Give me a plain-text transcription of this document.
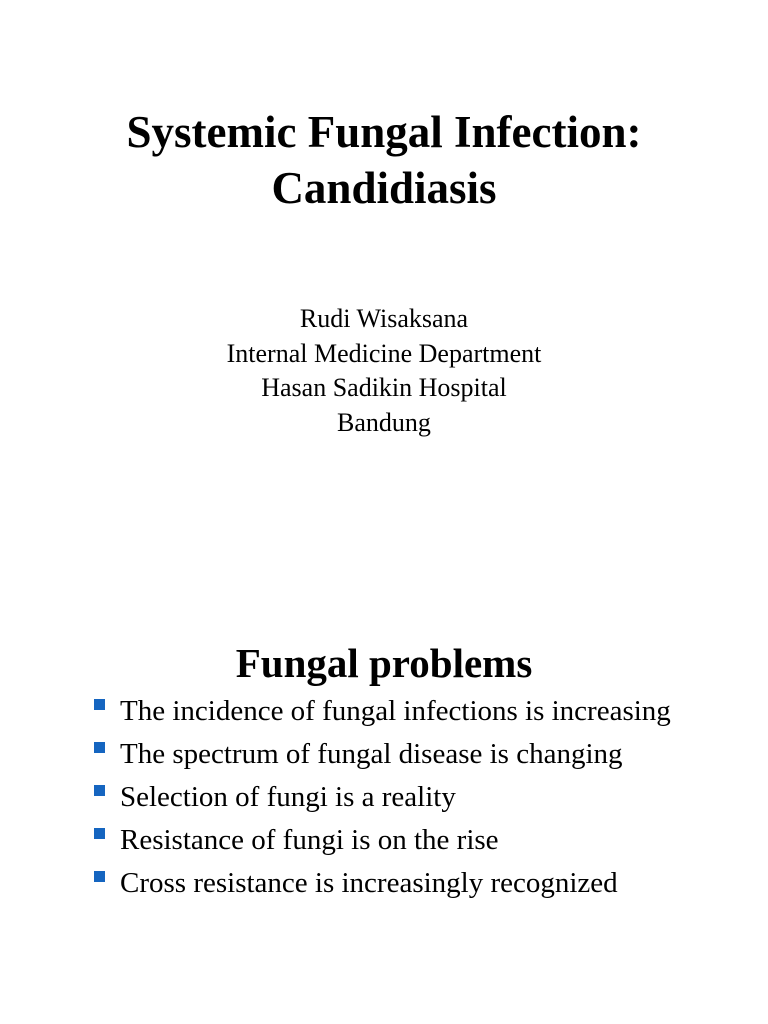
Systemic Fungal Infection:
Candidiasis
Rudi Wisaksana
Internal Medicine Department
Hasan Sadikin Hospital
Bandung
Fungal problems
The incidence of fungal infections is increasing
The spectrum of fungal disease is changing
Selection of fungi is a reality
Resistance of fungi is on the rise
Cross resistance is increasingly recognized
